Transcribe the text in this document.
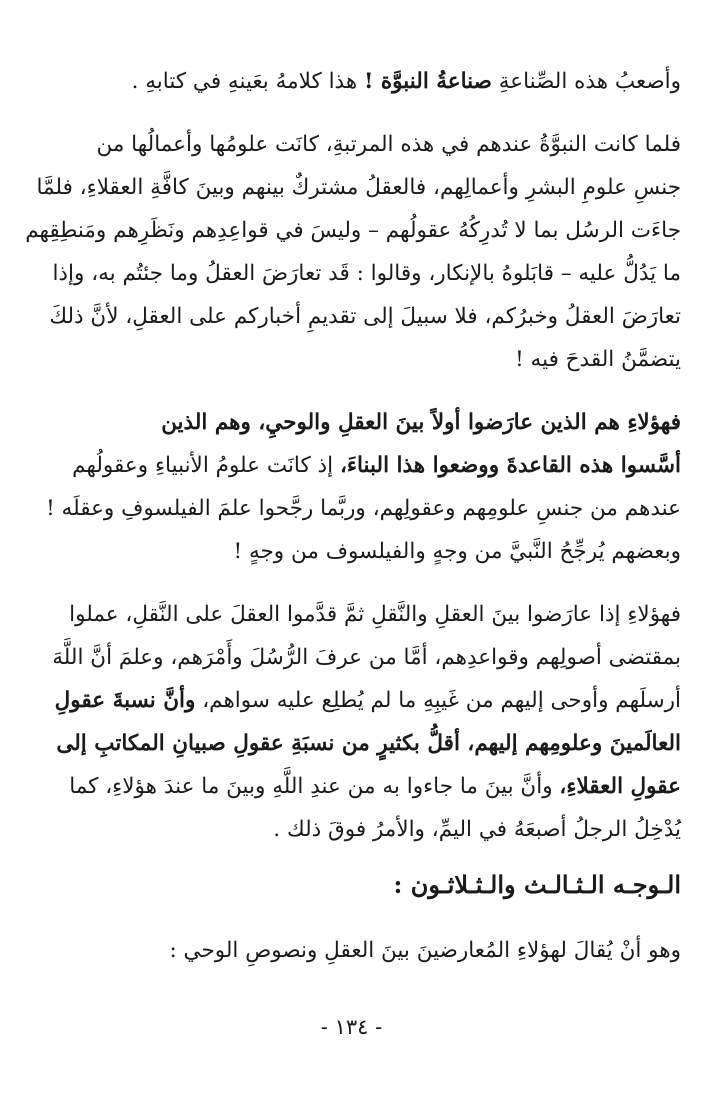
وأصعبُ هذه الصِّناعةِ صناعةُ النبوَّة ! هذا كلامهُ بعَينهِ في كتابهِ .
فلما كانت النبوَّةُ عندهم في هذه المرتبةِ، كانَت علومُها وأعمالُها من
جنسِ علومِ البشرِ وأعمالِهم، فالعقلُ مشتركٌ بينهم وبينَ كافَّةِ العقلاءِ، فلمَّا
جاءَت الرسُل بما لا تُدرِكُهُ عقولُهم – وليسَ في قواعِدِهم ونَظَرِهم ومَنطِقِهم
ما يَدُلُّ عليه – قابَلوهُ بالإنكار، وقالوا : قَد تعارَضَ العقلُ وما جئتُم به، وإذا
تعارَضَ العقلُ وخبرُكم، فلا سبيلَ إلى تقديمِ أخباركم على العقلِ، لأنَّ ذلكَ
يتضمَّنُ القدحَ فيه !
فهؤلاءِ هم الذين عارَضوا أولاً بينَ العقلِ والوحيِ، وهم الذين
أسَّسوا هذه القاعدةَ ووضعوا هذا البناءَ، إذ كانَت علومُ الأنبياءِ وعقولُهم
عندهم من جنسِ علومِهم وعقولِهم، وربَّما رجَّحوا علمَ الفيلسوفِ وعقلَه !
وبعضهم يُرجِّحُ النَّبيَّ من وجهٍ والفيلسوف من وجهٍ !
فهؤلاءِ إذا عارَضوا بينَ العقلِ والنَّقلِ ثمَّ قدَّموا العقلَ على النَّقلِ، عملوا
بمقتضى أصولِهم وقواعدِهم، أمَّا من عرفَ الرُّسُلَ وأَمْرَهم، وعلمَ أنَّ اللَّهَ
أرسلَهم وأوحى إليهم من غَيبِهِ ما لم يُطلِع عليه سواهم، وأنَّ نسبةَ عقولِ
العالَمينَ وعلومِهم إليهم، أقلُّ بكثيرٍ من نسبَةِ عقولِ صبيانِ المكاتبِ إلى
عقولِ العقلاءِ، وأنَّ بينَ ما جاءوا به من عندِ اللَّهِ وبينَ ما عندَ هؤلاءِ، كما
يُدْخِلُ الرجلُ أصبعَهُ في اليمِّ، والأمرُ فوقَ ذلك .
الـوجـه الـثـالـث والـثـلاثـون :
وهو أنْ يُقالَ لهؤلاءِ المُعارضينَ بينَ العقلِ ونصوصِ الوحي :
- ١٣٤ -
